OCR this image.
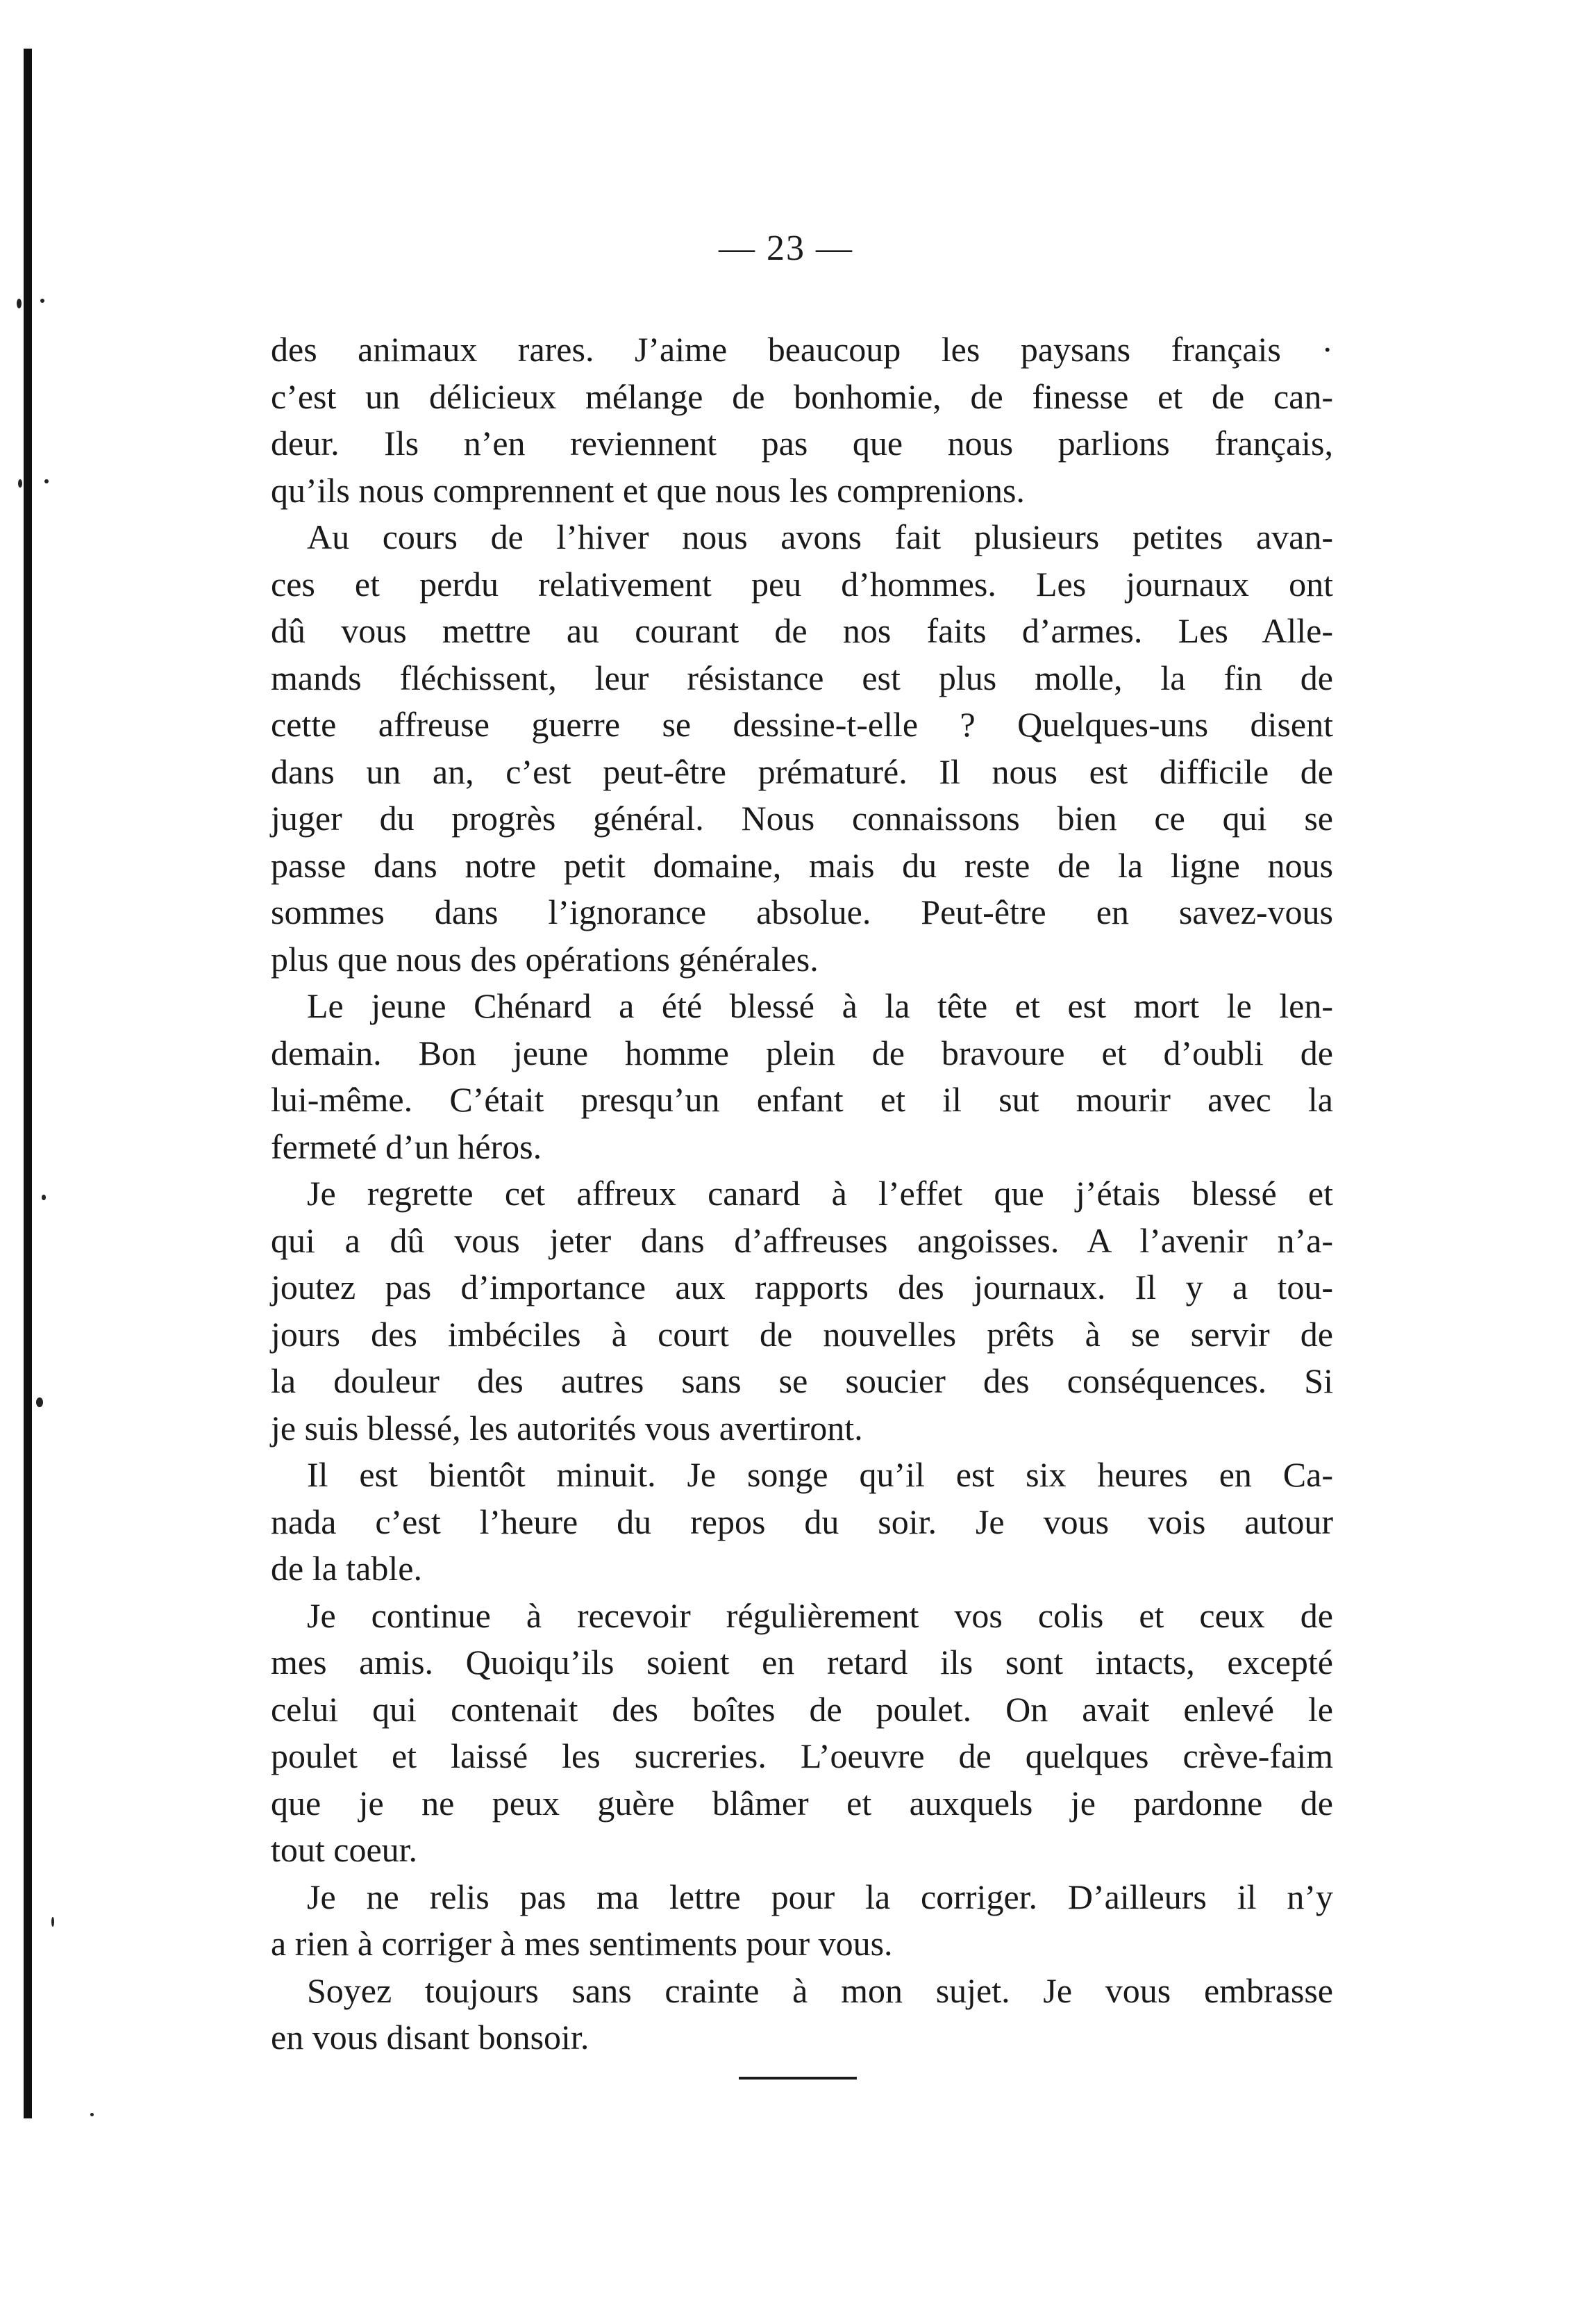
— 23 —
des animaux rares. J’aime beaucoup les paysans français ·
c’est un délicieux mélange de bonhomie, de finesse et de can-
deur. Ils n’en reviennent pas que nous parlions français,
qu’ils nous comprennent et que nous les comprenions.
Au cours de l’hiver nous avons fait plusieurs petites avan-
ces et perdu relativement peu d’hommes. Les journaux ont
dû vous mettre au courant de nos faits d’armes. Les Alle-
mands fléchissent, leur résistance est plus molle, la fin de
cette affreuse guerre se dessine-t-elle ? Quelques-uns disent
dans un an, c’est peut-être prématuré. Il nous est difficile de
juger du progrès général. Nous connaissons bien ce qui se
passe dans notre petit domaine, mais du reste de la ligne nous
sommes dans l’ignorance absolue. Peut-être en savez-vous
plus que nous des opérations générales.
Le jeune Chénard a été blessé à la tête et est mort le len-
demain. Bon jeune homme plein de bravoure et d’oubli de
lui-même. C’était presqu’un enfant et il sut mourir avec la
fermeté d’un héros.
Je regrette cet affreux canard à l’effet que j’étais blessé et
qui a dû vous jeter dans d’affreuses angoisses. A l’avenir n’a-
joutez pas d’importance aux rapports des journaux. Il y a tou-
jours des imbéciles à court de nouvelles prêts à se servir de
la douleur des autres sans se soucier des conséquences. Si
je suis blessé, les autorités vous avertiront.
Il est bientôt minuit. Je songe qu’il est six heures en Ca-
nada c’est l’heure du repos du soir. Je vous vois autour
de la table.
Je continue à recevoir régulièrement vos colis et ceux de
mes amis. Quoiqu’ils soient en retard ils sont intacts, excepté
celui qui contenait des boîtes de poulet. On avait enlevé le
poulet et laissé les sucreries. L’oeuvre de quelques crève-faim
que je ne peux guère blâmer et auxquels je pardonne de
tout coeur.
Je ne relis pas ma lettre pour la corriger. D’ailleurs il n’y
a rien à corriger à mes sentiments pour vous.
Soyez toujours sans crainte à mon sujet. Je vous embrasse
en vous disant bonsoir.
